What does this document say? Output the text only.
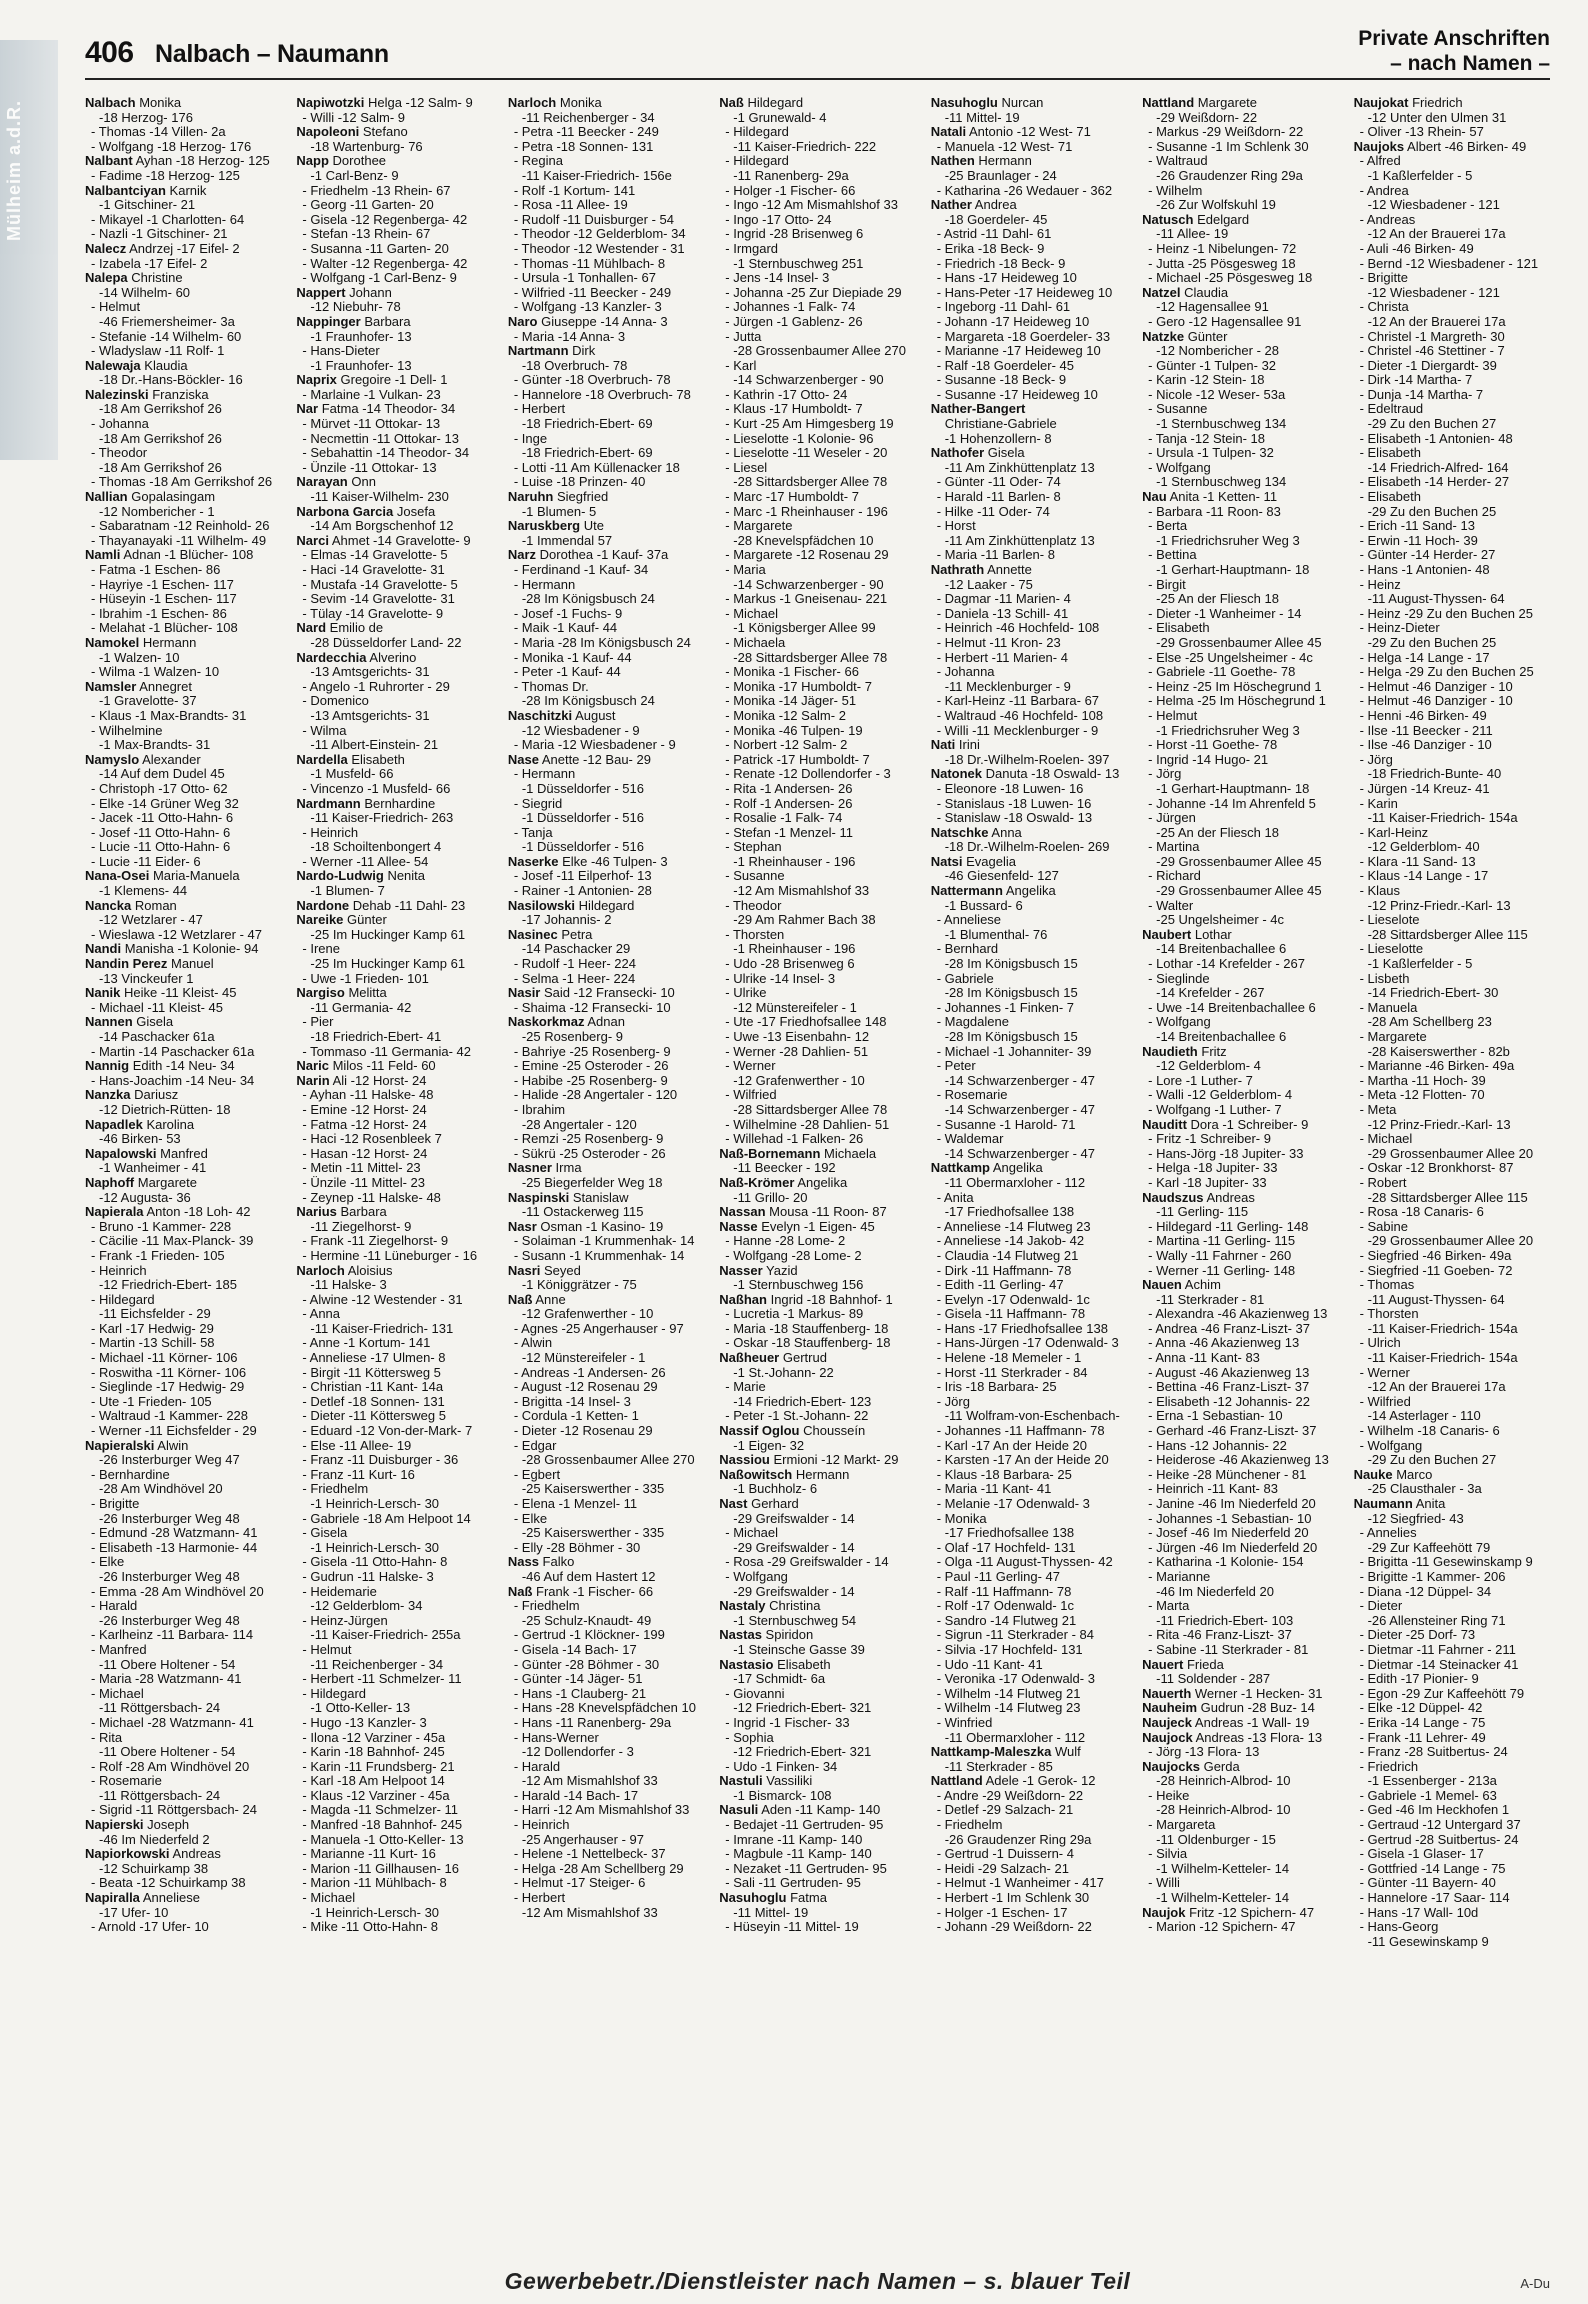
Mülheim a.d.R.
406 Nalbach – Naumann
Private Anschriften
– nach Namen –
Nalbach Monika
-18 Herzog- 176
- Thomas -14 Villen- 2a
- Wolfgang -18 Herzog- 176
Nalbant Ayhan -18 Herzog- 125
- Fadime -18 Herzog- 125
Nalbantciyan Karnik
-1 Gitschiner- 21
- Mikayel -1 Charlotten- 64
- Nazli -1 Gitschiner- 21
Nalecz Andrzej -17 Eifel- 2
- Izabela -17 Eifel- 2
Nalepa Christine
-14 Wilhelm- 60
- Helmut
-46 Friemersheimer- 3a
- Stefanie -14 Wilhelm- 60
- Wladyslaw -11 Rolf- 1
Nalewaja Klaudia
-18 Dr.-Hans-Böckler- 16
Nalezinski Franziska
-18 Am Gerrikshof 26
- Johanna
-18 Am Gerrikshof 26
- Theodor
-18 Am Gerrikshof 26
- Thomas -18 Am Gerrikshof 26
Nallian Gopalasingam
-12 Nombericher - 1
- Sabaratnam -12 Reinhold- 26
- Thayanayaki -11 Wilhelm- 49
Namli Adnan -1 Blücher- 108
- Fatma -1 Eschen- 86
- Hayriye -1 Eschen- 117
- Hüseyin -1 Eschen- 117
- Ibrahim -1 Eschen- 86
- Melahat -1 Blücher- 108
Namokel Hermann
-1 Walzen- 10
- Wilma -1 Walzen- 10
Namsler Annegret
-1 Gravelotte- 37
- Klaus -1 Max-Brandts- 31
- Wilhelmine
-1 Max-Brandts- 31
Namyslo Alexander
-14 Auf dem Dudel 45
- Christoph -17 Otto- 62
- Elke -14 Grüner Weg 32
- Jacek -11 Otto-Hahn- 6
- Josef -11 Otto-Hahn- 6
- Lucie -11 Otto-Hahn- 6
- Lucie -11 Eider- 6
Nana-Osei Maria-Manuela
-1 Klemens- 44
Nancka Roman
-12 Wetzlarer - 47
- Wieslawa -12 Wetzlarer - 47
Nandi Manisha -1 Kolonie- 94
Nandin Perez Manuel
-13 Vinckeufer 1
Nanik Heike -11 Kleist- 45
- Michael -11 Kleist- 45
Nannen Gisela
-14 Paschacker 61a
- Martin -14 Paschacker 61a
Nannig Edith -14 Neu- 34
- Hans-Joachim -14 Neu- 34
Nanzka Dariusz
-12 Dietrich-Rütten- 18
Napadlek Karolina
-46 Birken- 53
Napalowski Manfred
-1 Wanheimer - 41
Naphoff Margarete
-12 Augusta- 36
Napierala Anton -18 Loh- 42
- Bruno -1 Kammer- 228
- Cäcilie -11 Max-Planck- 39
- Frank -1 Frieden- 105
- Heinrich
-12 Friedrich-Ebert- 185
- Hildegard
-11 Eichsfelder - 29
- Karl -17 Hedwig- 29
- Martin -13 Schill- 58
- Michael -11 Körner- 106
- Roswitha -11 Körner- 106
- Sieglinde -17 Hedwig- 29
- Ute -1 Frieden- 105
- Waltraud -1 Kammer- 228
- Werner -11 Eichsfelder - 29
Napieralski Alwin
-26 Insterburger Weg 47
- Bernhardine
-28 Am Windhövel 20
- Brigitte
-26 Insterburger Weg 48
- Edmund -28 Watzmann- 41
- Elisabeth -13 Harmonie- 44
- Elke
-26 Insterburger Weg 48
- Emma -28 Am Windhövel 20
- Harald
-26 Insterburger Weg 48
- Karlheinz -11 Barbara- 114
- Manfred
-11 Obere Holtener - 54
- Maria -28 Watzmann- 41
- Michael
-11 Röttgersbach- 24
- Michael -28 Watzmann- 41
- Rita
-11 Obere Holtener - 54
- Rolf -28 Am Windhövel 20
- Rosemarie
-11 Röttgersbach- 24
- Sigrid -11 Röttgersbach- 24
Napierski Joseph
-46 Im Niederfeld 2
Napiorkowski Andreas
-12 Schuirkamp 38
- Beata -12 Schuirkamp 38
Napiralla Anneliese
-17 Ufer- 10
- Arnold -17 Ufer- 10
Napiwotzki Helga -12 Salm- 9
- Willi -12 Salm- 9
Napoleoni Stefano
-18 Wartenburg- 76
Napp Dorothee
-1 Carl-Benz- 9
- Friedhelm -13 Rhein- 67
- Georg -11 Garten- 20
- Gisela -12 Regenberga- 42
- Stefan -13 Rhein- 67
- Susanna -11 Garten- 20
- Walter -12 Regenberga- 42
- Wolfgang -1 Carl-Benz- 9
Nappert Johann
-12 Niebuhr- 78
Nappinger Barbara
-1 Fraunhofer- 13
- Hans-Dieter
-1 Fraunhofer- 13
Naprix Gregoire -1 Dell- 1
- Marlaine -1 Vulkan- 23
Nar Fatma -14 Theodor- 34
- Mürvet -11 Ottokar- 13
- Necmettin -11 Ottokar- 13
- Sebahattin -14 Theodor- 34
- Ünzile -11 Ottokar- 13
Narayan Onn
-11 Kaiser-Wilhelm- 230
Narbona Garcia Josefa
-14 Am Borgschenhof 12
Narci Ahmet -14 Gravelotte- 9
- Elmas -14 Gravelotte- 5
- Haci -14 Gravelotte- 31
- Mustafa -14 Gravelotte- 5
- Sevim -14 Gravelotte- 31
- Tülay -14 Gravelotte- 9
Nard Emilio de
-28 Düsseldorfer Land- 22
Nardecchia Alverino
-13 Amtsgerichts- 31
- Angelo -1 Ruhrorter - 29
- Domenico
-13 Amtsgerichts- 31
- Wilma
-11 Albert-Einstein- 21
Nardella Elisabeth
-1 Musfeld- 66
- Vincenzo -1 Musfeld- 66
Nardmann Bernhardine
-11 Kaiser-Friedrich- 263
- Heinrich
-18 Schoiltenbongert 4
- Werner -11 Allee- 54
Nardo-Ludwig Nenita
-1 Blumen- 7
Nardone Dehab -11 Dahl- 23
Nareike Günter
-25 Im Huckinger Kamp 61
- Irene
-25 Im Huckinger Kamp 61
- Uwe -1 Frieden- 101
Nargiso Melitta
-11 Germania- 42
- Pier
-18 Friedrich-Ebert- 41
- Tommaso -11 Germania- 42
Naric Milos -11 Feld- 60
Narin Ali -12 Horst- 24
- Ayhan -11 Halske- 48
- Emine -12 Horst- 24
- Fatma -12 Horst- 24
- Haci -12 Rosenbleek 7
- Hasan -12 Horst- 24
- Metin -11 Mittel- 23
- Ünzile -11 Mittel- 23
- Zeynep -11 Halske- 48
Narius Barbara
-11 Ziegelhorst- 9
- Frank -11 Ziegelhorst- 9
- Hermine -11 Lüneburger - 16
Narloch Aloisius
-11 Halske- 3
- Alwine -12 Westender - 31
- Anna
-11 Kaiser-Friedrich- 131
- Anne -1 Kortum- 141
- Anneliese -17 Ulmen- 8
- Birgit -11 Köttersweg 5
- Christian -11 Kant- 14a
- Detlef -18 Sonnen- 131
- Dieter -11 Köttersweg 5
- Eduard -12 Von-der-Mark- 7
- Else -11 Allee- 19
- Franz -11 Duisburger - 36
- Franz -11 Kurt- 16
- Friedhelm
-1 Heinrich-Lersch- 30
- Gabriele -18 Am Helpoot 14
- Gisela
-1 Heinrich-Lersch- 30
- Gisela -11 Otto-Hahn- 8
- Gudrun -11 Halske- 3
- Heidemarie
-12 Gelderblom- 34
- Heinz-Jürgen
-11 Kaiser-Friedrich- 255a
- Helmut
-11 Reichenberger - 34
- Herbert -11 Schmelzer- 11
- Hildegard
-1 Otto-Keller- 13
- Hugo -13 Kanzler- 3
- Ilona -12 Varziner - 45a
- Karin -18 Bahnhof- 245
- Karin -11 Frundsberg- 21
- Karl -18 Am Helpoot 14
- Klaus -12 Varziner - 45a
- Magda -11 Schmelzer- 11
- Manfred -18 Bahnhof- 245
- Manuela -1 Otto-Keller- 13
- Marianne -11 Kurt- 16
- Marion -11 Gillhausen- 16
- Marion -11 Mühlbach- 8
- Michael
-1 Heinrich-Lersch- 30
- Mike -11 Otto-Hahn- 8
Narloch Monika
-11 Reichenberger - 34
- Petra -11 Beecker - 249
- Petra -18 Sonnen- 131
- Regina
-11 Kaiser-Friedrich- 156e
- Rolf -1 Kortum- 141
- Rosa -11 Allee- 19
- Rudolf -11 Duisburger - 54
- Theodor -12 Gelderblom- 34
- Theodor -12 Westender - 31
- Thomas -11 Mühlbach- 8
- Ursula -1 Tonhallen- 67
- Wilfried -11 Beecker - 249
- Wolfgang -13 Kanzler- 3
Naro Giuseppe -14 Anna- 3
- Maria -14 Anna- 3
Nartmann Dirk
-18 Overbruch- 78
- Günter -18 Overbruch- 78
- Hannelore -18 Overbruch- 78
- Herbert
-18 Friedrich-Ebert- 69
- Inge
-18 Friedrich-Ebert- 69
- Lotti -11 Am Küllenacker 18
- Luise -18 Prinzen- 40
Naruhn Siegfried
-1 Blumen- 5
Naruskberg Ute
-1 Immendal 57
Narz Dorothea -1 Kauf- 37a
- Ferdinand -1 Kauf- 34
- Hermann
-28 Im Königsbusch 24
- Josef -1 Fuchs- 9
- Maik -1 Kauf- 44
- Maria -28 Im Königsbusch 24
- Monika -1 Kauf- 44
- Peter -1 Kauf- 44
- Thomas Dr.
-28 Im Königsbusch 24
Naschitzki August
-12 Wiesbadener - 9
- Maria -12 Wiesbadener - 9
Nase Anette -12 Bau- 29
- Hermann
-1 Düsseldorfer - 516
- Siegrid
-1 Düsseldorfer - 516
- Tanja
-1 Düsseldorfer - 516
Naserke Elke -46 Tulpen- 3
- Josef -11 Eilperhof- 13
- Rainer -1 Antonien- 28
Nasilowski Hildegard
-17 Johannis- 2
Nasinec Petra
-14 Paschacker 29
- Rudolf -1 Heer- 224
- Selma -1 Heer- 224
Nasir Said -12 Fransecki- 10
- Shaima -12 Fransecki- 10
Naskorkmaz Adnan
-25 Rosenberg- 9
- Bahriye -25 Rosenberg- 9
- Emine -25 Osteroder - 26
- Habibe -25 Rosenberg- 9
- Halide -28 Angertaler - 120
- Ibrahim
-28 Angertaler - 120
- Remzi -25 Rosenberg- 9
- Sükrü -25 Osteroder - 26
Nasner Irma
-25 Biegerfelder Weg 18
Naspinski Stanislaw
-11 Ostackerweg 115
Nasr Osman -1 Kasino- 19
- Solaiman -1 Krummenhak- 14
- Susann -1 Krummenhak- 14
Nasri Seyed
-1 Königgrätzer - 75
Naß Anne
-12 Grafenwerther - 10
- Agnes -25 Angerhauser - 97
- Alwin
-12 Münstereifeler - 1
- Andreas -1 Andersen- 26
- August -12 Rosenau 29
- Brigitta -14 Insel- 3
- Cordula -1 Ketten- 1
- Dieter -12 Rosenau 29
- Edgar
-28 Grossenbaumer Allee 270
- Egbert
-25 Kaiserswerther - 335
- Elena -1 Menzel- 11
- Elke
-25 Kaiserswerther - 335
- Elly -28 Böhmer - 30
Nass Falko
-46 Auf dem Hastert 12
Naß Frank -1 Fischer- 66
- Friedhelm
-25 Schulz-Knaudt- 49
- Gertrud -1 Klöckner- 199
- Gisela -14 Bach- 17
- Günter -28 Böhmer - 30
- Günter -14 Jäger- 51
- Hans -1 Clauberg- 21
- Hans -28 Knevelspfädchen 10
- Hans -11 Ranenberg- 29a
- Hans-Werner
-12 Dollendorfer - 3
- Harald
-12 Am Mismahlshof 33
- Harald -14 Bach- 17
- Harri -12 Am Mismahlshof 33
- Heinrich
-25 Angerhauser - 97
- Helene -1 Nettelbeck- 37
- Helga -28 Am Schellberg 29
- Helmut -17 Steiger- 6
- Herbert
-12 Am Mismahlshof 33
Naß Hildegard
-1 Grunewald- 4
- Hildegard
-11 Kaiser-Friedrich- 222
- Hildegard
-11 Ranenberg- 29a
- Holger -1 Fischer- 66
- Ingo -12 Am Mismahlshof 33
- Ingo -17 Otto- 24
- Ingrid -28 Brisenweg 6
- Irmgard
-1 Sternbuschweg 251
- Jens -14 Insel- 3
- Johanna -25 Zur Diepiade 29
- Johannes -1 Falk- 74
- Jürgen -1 Gablenz- 26
- Jutta
-28 Grossenbaumer Allee 270
- Karl
-14 Schwarzenberger - 90
- Kathrin -17 Otto- 24
- Klaus -17 Humboldt- 7
- Kurt -25 Am Himgesberg 19
- Lieselotte -1 Kolonie- 96
- Lieselotte -11 Weseler - 20
- Liesel
-28 Sittardsberger Allee 78
- Marc -17 Humboldt- 7
- Marc -1 Rheinhauser - 196
- Margarete
-28 Knevelspfädchen 10
- Margarete -12 Rosenau 29
- Maria
-14 Schwarzenberger - 90
- Markus -1 Gneisenau- 221
- Michael
-1 Königsberger Allee 99
- Michaela
-28 Sittardsberger Allee 78
- Monika -1 Fischer- 66
- Monika -17 Humboldt- 7
- Monika -14 Jäger- 51
- Monika -12 Salm- 2
- Monika -46 Tulpen- 19
- Norbert -12 Salm- 2
- Patrick -17 Humboldt- 7
- Renate -12 Dollendorfer - 3
- Rita -1 Andersen- 26
- Rolf -1 Andersen- 26
- Rosalie -1 Falk- 74
- Stefan -1 Menzel- 11
- Stephan
-1 Rheinhauser - 196
- Susanne
-12 Am Mismahlshof 33
- Theodor
-29 Am Rahmer Bach 38
- Thorsten
-1 Rheinhauser - 196
- Udo -28 Brisenweg 6
- Ulrike -14 Insel- 3
- Ulrike
-12 Münstereifeler - 1
- Ute -17 Friedhofsallee 148
- Uwe -13 Eisenbahn- 12
- Werner -28 Dahlien- 51
- Werner
-12 Grafenwerther - 10
- Wilfried
-28 Sittardsberger Allee 78
- Wilhelmine -28 Dahlien- 51
- Willehad -1 Falken- 26
Naß-Bornemann Michaela
-11 Beecker - 192
Naß-Krömer Angelika
-11 Grillo- 20
Nassan Mousa -11 Roon- 87
Nasse Evelyn -1 Eigen- 45
- Hanne -28 Lome- 2
- Wolfgang -28 Lome- 2
Nasser Yazid
-1 Sternbuschweg 156
Naßhan Ingrid -18 Bahnhof- 1
- Lucretia -1 Markus- 89
- Maria -18 Stauffenberg- 18
- Oskar -18 Stauffenberg- 18
Naßheuer Gertrud
-1 St.-Johann- 22
- Marie
-14 Friedrich-Ebert- 123
- Peter -1 St.-Johann- 22
Nassif Oglou Chousseín
-1 Eigen- 32
Nassiou Ermioni -12 Markt- 29
Naßowitsch Hermann
-1 Buchholz- 6
Nast Gerhard
-29 Greifswalder - 14
- Michael
-29 Greifswalder - 14
- Rosa -29 Greifswalder - 14
- Wolfgang
-29 Greifswalder - 14
Nastaly Christina
-1 Sternbuschweg 54
Nastas Spiridon
-1 Steinsche Gasse 39
Nastasio Elisabeth
-17 Schmidt- 6a
- Giovanni
-12 Friedrich-Ebert- 321
- Ingrid -1 Fischer- 33
- Sophia
-12 Friedrich-Ebert- 321
- Udo -1 Finken- 34
Nastuli Vassiliki
-1 Bismarck- 108
Nasuli Aden -11 Kamp- 140
- Bedajet -11 Gertruden- 95
- Imrane -11 Kamp- 140
- Magbule -11 Kamp- 140
- Nezaket -11 Gertruden- 95
- Sali -11 Gertruden- 95
Nasuhoglu Fatma
-11 Mittel- 19
- Hüseyin -11 Mittel- 19
Nasuhoglu Nurcan
-11 Mittel- 19
Natali Antonio -12 West- 71
- Manuela -12 West- 71
Nathen Hermann
-25 Braunlager - 24
- Katharina -26 Wedauer - 362
Nather Andrea
-18 Goerdeler- 45
- Astrid -11 Dahl- 61
- Erika -18 Beck- 9
- Friedrich -18 Beck- 9
- Hans -17 Heideweg 10
- Hans-Peter -17 Heideweg 10
- Ingeborg -11 Dahl- 61
- Johann -17 Heideweg 10
- Margareta -18 Goerdeler- 33
- Marianne -17 Heideweg 10
- Ralf -18 Goerdeler- 45
- Susanne -18 Beck- 9
- Susanne -17 Heideweg 10
Nather-Bangert
Christiane-Gabriele
-1 Hohenzollern- 8
Nathofer Gisela
-11 Am Zinkhüttenplatz 13
- Günter -11 Oder- 74
- Harald -11 Barlen- 8
- Hilke -11 Oder- 74
- Horst
-11 Am Zinkhüttenplatz 13
- Maria -11 Barlen- 8
Nathrath Annette
-12 Laaker - 75
- Dagmar -11 Marien- 4
- Daniela -13 Schill- 41
- Heinrich -46 Hochfeld- 108
- Helmut -11 Kron- 23
- Herbert -11 Marien- 4
- Johanna
-11 Mecklenburger - 9
- Karl-Heinz -11 Barbara- 67
- Waltraud -46 Hochfeld- 108
- Willi -11 Mecklenburger - 9
Nati Irini
-18 Dr.-Wilhelm-Roelen- 397
Natonek Danuta -18 Oswald- 13
- Eleonore -18 Luwen- 16
- Stanislaus -18 Luwen- 16
- Stanislaw -18 Oswald- 13
Natschke Anna
-18 Dr.-Wilhelm-Roelen- 269
Natsi Evagelia
-46 Giesenfeld- 127
Nattermann Angelika
-1 Bussard- 6
- Anneliese
-1 Blumenthal- 76
- Bernhard
-28 Im Königsbusch 15
- Gabriele
-28 Im Königsbusch 15
- Johannes -1 Finken- 7
- Magdalene
-28 Im Königsbusch 15
- Michael -1 Johanniter- 39
- Peter
-14 Schwarzenberger - 47
- Rosemarie
-14 Schwarzenberger - 47
- Susanne -1 Harold- 71
- Waldemar
-14 Schwarzenberger - 47
Nattkamp Angelika
-11 Obermarxloher - 112
- Anita
-17 Friedhofsallee 138
- Anneliese -14 Flutweg 23
- Anneliese -14 Jakob- 42
- Claudia -14 Flutweg 21
- Dirk -11 Haffmann- 78
- Edith -11 Gerling- 47
- Evelyn -17 Odenwald- 1c
- Gisela -11 Haffmann- 78
- Hans -17 Friedhofsallee 138
- Hans-Jürgen -17 Odenwald- 3
- Helene -18 Memeler - 1
- Horst -11 Sterkrader - 84
- Iris -18 Barbara- 25
- Jörg
-11 Wolfram-von-Eschenbach-
- Johannes -11 Haffmann- 78
- Karl -17 An der Heide 20
- Karsten -17 An der Heide 20
- Klaus -18 Barbara- 25
- Maria -11 Kant- 41
- Melanie -17 Odenwald- 3
- Monika
-17 Friedhofsallee 138
- Olaf -17 Hochfeld- 131
- Olga -11 August-Thyssen- 42
- Paul -11 Gerling- 47
- Ralf -11 Haffmann- 78
- Rolf -17 Odenwald- 1c
- Sandro -14 Flutweg 21
- Sigrun -11 Sterkrader - 84
- Silvia -17 Hochfeld- 131
- Udo -11 Kant- 41
- Veronika -17 Odenwald- 3
- Wilhelm -14 Flutweg 21
- Wilhelm -14 Flutweg 23
- Winfried
-11 Obermarxloher - 112
Nattkamp-Maleszka Wulf
-11 Sterkrader - 85
Nattland Adele -1 Gerok- 12
- Andre -29 Weißdorn- 22
- Detlef -29 Salzach- 21
- Friedhelm
-26 Graudenzer Ring 29a
- Gertrud -1 Duissern- 4
- Heidi -29 Salzach- 21
- Helmut -1 Wanheimer - 417
- Herbert -1 Im Schlenk 30
- Holger -1 Eschen- 17
- Johann -29 Weißdorn- 22
Nattland Margarete
-29 Weißdorn- 22
- Markus -29 Weißdorn- 22
- Susanne -1 Im Schlenk 30
- Waltraud
-26 Graudenzer Ring 29a
- Wilhelm
-26 Zur Wolfskuhl 19
Natusch Edelgard
-11 Allee- 19
- Heinz -1 Nibelungen- 72
- Jutta -25 Pösgesweg 18
- Michael -25 Pösgesweg 18
Natzel Claudia
-12 Hagensallee 91
- Gero -12 Hagensallee 91
Natzke Günter
-12 Nombericher - 28
- Günter -1 Tulpen- 32
- Karin -12 Stein- 18
- Nicole -12 Weser- 53a
- Susanne
-1 Sternbuschweg 134
- Tanja -12 Stein- 18
- Ursula -1 Tulpen- 32
- Wolfgang
-1 Sternbuschweg 134
Nau Anita -1 Ketten- 11
- Barbara -11 Roon- 83
- Berta
-1 Friedrichsruher Weg 3
- Bettina
-1 Gerhart-Hauptmann- 18
- Birgit
-25 An der Fliesch 18
- Dieter -1 Wanheimer - 14
- Elisabeth
-29 Grossenbaumer Allee 45
- Else -25 Ungelsheimer - 4c
- Gabriele -11 Goethe- 78
- Heinz -25 Im Höschegrund 1
- Helma -25 Im Höschegrund 1
- Helmut
-1 Friedrichsruher Weg 3
- Horst -11 Goethe- 78
- Ingrid -14 Hugo- 21
- Jörg
-1 Gerhart-Hauptmann- 18
- Johanne -14 Im Ahrenfeld 5
- Jürgen
-25 An der Fliesch 18
- Martina
-29 Grossenbaumer Allee 45
- Richard
-29 Grossenbaumer Allee 45
- Walter
-25 Ungelsheimer - 4c
Naubert Lothar
-14 Breitenbachallee 6
- Lothar -14 Krefelder - 267
- Sieglinde
-14 Krefelder - 267
- Uwe -14 Breitenbachallee 6
- Wolfgang
-14 Breitenbachallee 6
Naudieth Fritz
-12 Gelderblom- 4
- Lore -1 Luther- 7
- Walli -12 Gelderblom- 4
- Wolfgang -1 Luther- 7
Nauditt Dora -1 Schreiber- 9
- Fritz -1 Schreiber- 9
- Hans-Jörg -18 Jupiter- 33
- Helga -18 Jupiter- 33
- Karl -18 Jupiter- 33
Naudszus Andreas
-11 Gerling- 115
- Hildegard -11 Gerling- 148
- Martina -11 Gerling- 115
- Wally -11 Fahrner - 260
- Werner -11 Gerling- 148
Nauen Achim
-11 Sterkrader - 81
- Alexandra -46 Akazienweg 13
- Andrea -46 Franz-Liszt- 37
- Anna -46 Akazienweg 13
- Anna -11 Kant- 83
- August -46 Akazienweg 13
- Bettina -46 Franz-Liszt- 37
- Elisabeth -12 Johannis- 22
- Erna -1 Sebastian- 10
- Gerhard -46 Franz-Liszt- 37
- Hans -12 Johannis- 22
- Heiderose -46 Akazienweg 13
- Heike -28 Münchener - 81
- Heinrich -11 Kant- 83
- Janine -46 Im Niederfeld 20
- Johannes -1 Sebastian- 10
- Josef -46 Im Niederfeld 20
- Jürgen -46 Im Niederfeld 20
- Katharina -1 Kolonie- 154
- Marianne
-46 Im Niederfeld 20
- Marta
-11 Friedrich-Ebert- 103
- Rita -46 Franz-Liszt- 37
- Sabine -11 Sterkrader - 81
Nauert Frieda
-11 Soldender - 287
Nauerth Werner -1 Hecken- 31
Nauheim Gudrun -28 Buz- 14
Naujeck Andreas -1 Wall- 19
Naujock Andreas -13 Flora- 13
- Jörg -13 Flora- 13
Naujocks Gerda
-28 Heinrich-Albrod- 10
- Heike
-28 Heinrich-Albrod- 10
- Margareta
-11 Oldenburger - 15
- Silvia
-1 Wilhelm-Ketteler- 14
- Willi
-1 Wilhelm-Ketteler- 14
Naujok Fritz -12 Spichern- 47
- Marion -12 Spichern- 47
Naujokat Friedrich
-12 Unter den Ulmen 31
- Oliver -13 Rhein- 57
Naujoks Albert -46 Birken- 49
- Alfred
-1 Kaßlerfelder - 5
- Andrea
-12 Wiesbadener - 121
- Andreas
-12 An der Brauerei 17a
- Auli -46 Birken- 49
- Bernd -12 Wiesbadener - 121
- Brigitte
-12 Wiesbadener - 121
- Christa
-12 An der Brauerei 17a
- Christel -1 Margreth- 30
- Christel -46 Stettiner - 7
- Dieter -1 Diergardt- 39
- Dirk -14 Martha- 7
- Dunja -14 Martha- 7
- Edeltraud
-29 Zu den Buchen 27
- Elisabeth -1 Antonien- 48
- Elisabeth
-14 Friedrich-Alfred- 164
- Elisabeth -14 Herder- 27
- Elisabeth
-29 Zu den Buchen 25
- Erich -11 Sand- 13
- Erwin -11 Hoch- 39
- Günter -14 Herder- 27
- Hans -1 Antonien- 48
- Heinz
-11 August-Thyssen- 64
- Heinz -29 Zu den Buchen 25
- Heinz-Dieter
-29 Zu den Buchen 25
- Helga -14 Lange - 17
- Helga -29 Zu den Buchen 25
- Helmut -46 Danziger - 10
- Helmut -46 Danziger - 10
- Henni -46 Birken- 49
- Ilse -11 Beecker - 211
- Ilse -46 Danziger - 10
- Jörg
-18 Friedrich-Bunte- 40
- Jürgen -14 Kreuz- 41
- Karin
-11 Kaiser-Friedrich- 154a
- Karl-Heinz
-12 Gelderblom- 40
- Klara -11 Sand- 13
- Klaus -14 Lange - 17
- Klaus
-12 Prinz-Friedr.-Karl- 13
- Lieselote
-28 Sittardsberger Allee 115
- Lieselotte
-1 Kaßlerfelder - 5
- Lisbeth
-14 Friedrich-Ebert- 30
- Manuela
-28 Am Schellberg 23
- Margarete
-28 Kaiserswerther - 82b
- Marianne -46 Birken- 49a
- Martha -11 Hoch- 39
- Meta -12 Flotten- 70
- Meta
-12 Prinz-Friedr.-Karl- 13
- Michael
-29 Grossenbaumer Allee 20
- Oskar -12 Bronkhorst- 87
- Robert
-28 Sittardsberger Allee 115
- Rosa -18 Canaris- 6
- Sabine
-29 Grossenbaumer Allee 20
- Siegfried -46 Birken- 49a
- Siegfried -11 Goeben- 72
- Thomas
-11 August-Thyssen- 64
- Thorsten
-11 Kaiser-Friedrich- 154a
- Ulrich
-11 Kaiser-Friedrich- 154a
- Werner
-12 An der Brauerei 17a
- Wilfried
-14 Asterlager - 110
- Wilhelm -18 Canaris- 6
- Wolfgang
-29 Zu den Buchen 27
Nauke Marco
-25 Clausthaler - 3a
Naumann Anita
-12 Siegfried- 43
- Annelies
-29 Zur Kaffeehött 79
- Brigitta -11 Gesewinskamp 9
- Brigitte -1 Kammer- 206
- Diana -12 Düppel- 34
- Dieter
-26 Allensteiner Ring 71
- Dieter -25 Dorf- 73
- Dietmar -11 Fahrner - 211
- Dietmar -14 Steinacker 41
- Edith -17 Pionier- 9
- Egon -29 Zur Kaffeehött 79
- Elke -12 Düppel- 42
- Erika -14 Lange - 75
- Frank -11 Lehrer- 49
- Franz -28 Suitbertus- 24
- Friedrich
-1 Essenberger - 213a
- Gabriele -1 Memel- 63
- Ged -46 Im Heckhofen 1
- Gertraud -12 Untergard 37
- Gertrud -28 Suitbertus- 24
- Gisela -1 Glaser- 17
- Gottfried -14 Lange - 75
- Günter -11 Bayern- 40
- Hannelore -17 Saar- 114
- Hans -17 Wall- 10d
- Hans-Georg
-11 Gesewinskamp 9
Gewerbebetr./Dienstleister nach Namen – s. blauer Teil	A-Du
